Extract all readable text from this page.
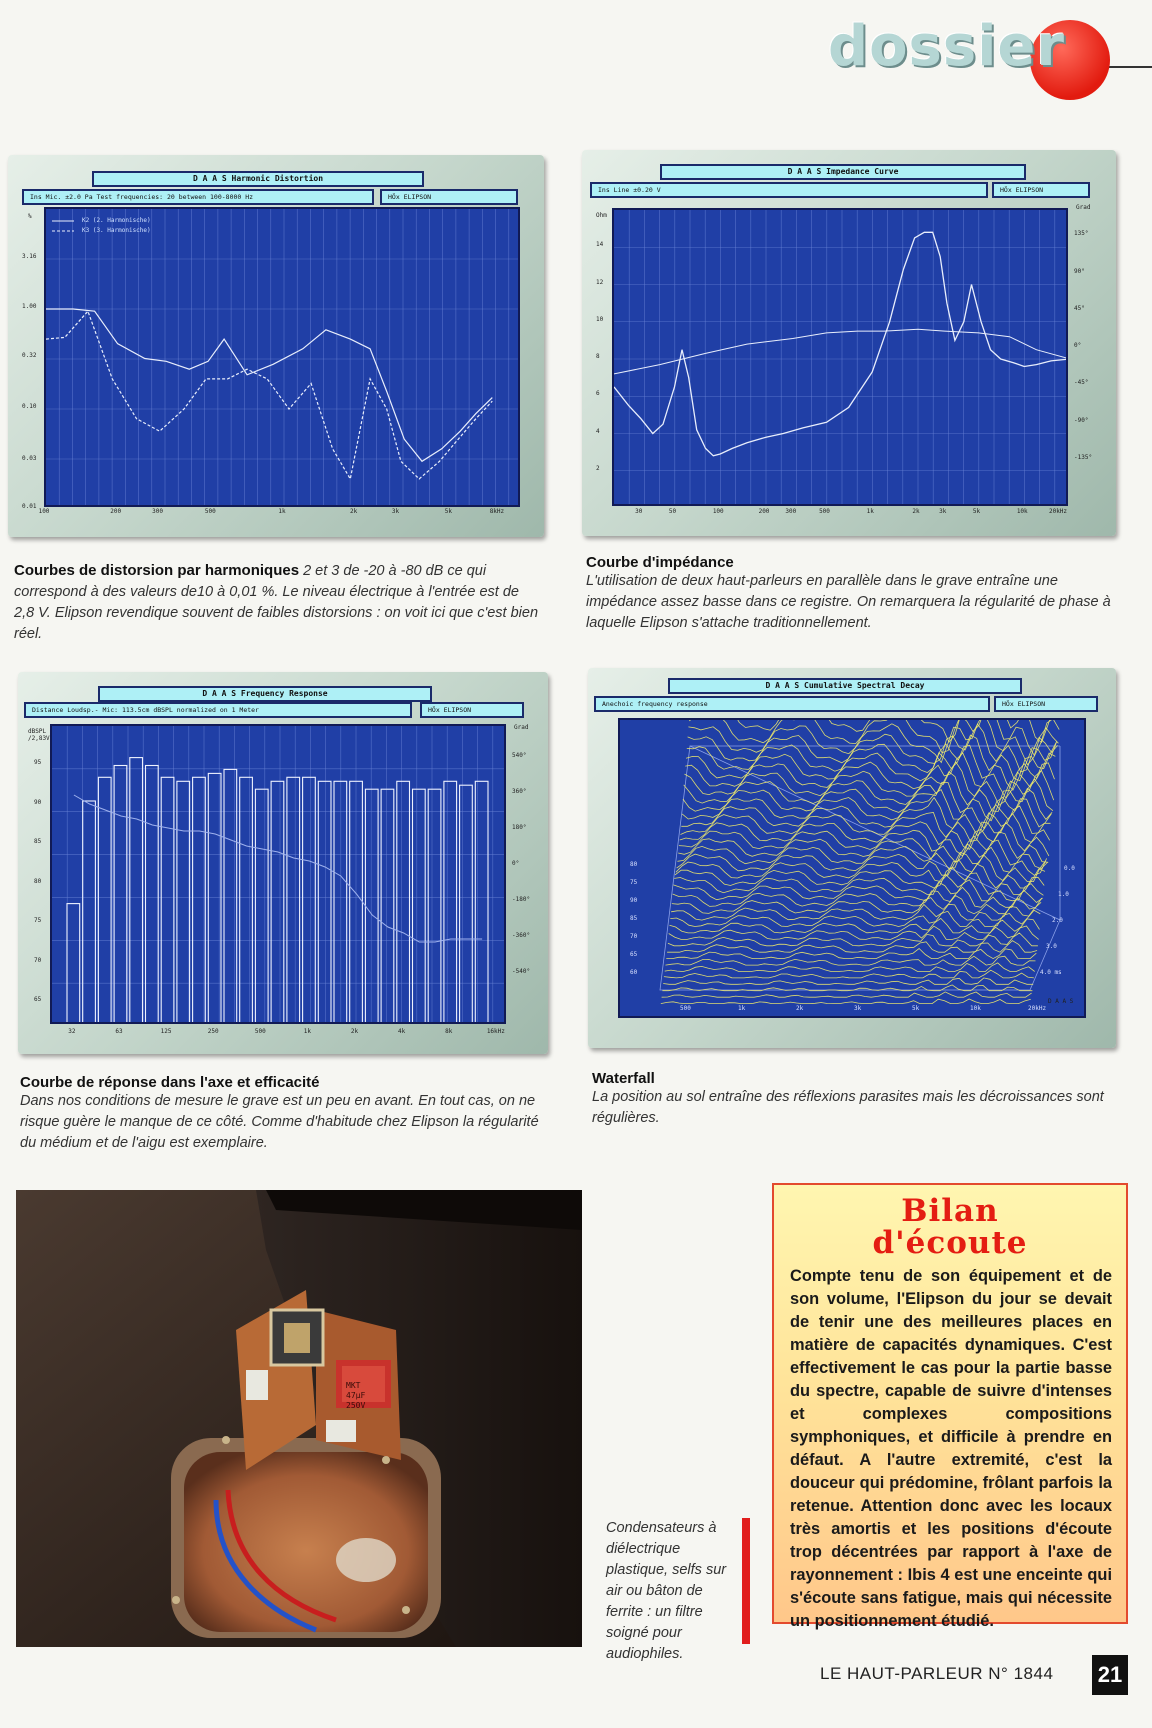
dossier
D A A S Harmonic Distortion
Ins Mic. ±2.0 Pa Test frequencies: 20 between 100-8000 Hz	HÖx ELIPSON
%
K2 (2. Harmonische)
K3 (3. Harmonische)
3.16
1.00
0.32
0.10
0.03
0.01
100	200	300	500	1k	2k	3k	5k	8kHz
D A A S Impedance Curve
Ins Line ±0.20 V	HÖx ELIPSON
Ohm
Grad
14
12
10
8
6
4
2
135°
90°
45°
0°
-45°
-90°
-135°
30	50	100	200	300	500	1k	2k	3k	5k	10k	20kHz

Courbes de distorsion par harmoniques 2 et 3 de -20 à -80 dB ce qui correspond à des valeurs de10 à 0,01 %. Le niveau électrique à l'entrée est de 2,8 V. Elipson revendique souvent de faibles distorsions : on voit ici que c'est bien réel.

Courbe d'impédance
L'utilisation de deux haut-parleurs en parallèle dans le grave entraîne une impédance assez basse dans ce registre. On remarquera la régularité de phase à laquelle Elipson s'attache traditionnellement.
D A A S Frequency Response
Distance Loudsp.- Mic: 113.5cm dBSPL normalized on 1 Meter	HÖx ELIPSON
dBSPL /2,83V
Grad
95
90
85
80
75
70
65
540°
360°
180°
0°
-180°
-360°
-540°
32	63	125	250	500	1k	2k	4k	8k	16kHz
D A A S Cumulative Spectral Decay
Anechoic frequency response	HÖx ELIPSON
500	1k	2k	3k	5k	10k	20kHz
80
75
90
85
70
65
60
0.0
1.0
2.0
3.0
4.0 ms
D A A S
Courbe de réponse dans l'axe et efficacité
Dans nos conditions de mesure le grave est un peu en avant. En tout cas, on ne risque guère le manque de ce côté. Comme d'habitude chez Elipson la régularité du médium et de l'aigu est exemplaire.
Waterfall
La position au sol entraîne des réflexions parasites mais les décroissances sont régulières.
MKT
47μF
250V
Condensateurs à diélectrique plastique, selfs sur air ou bâton de ferrite : un filtre soigné pour audiophiles.
Bilan
d'écoute
Compte tenu de son équipement et de son volume, l'Elipson du jour se devait de tenir une des meilleures places en matière de capacités dynamiques. C'est effectivement le cas pour la partie basse du spectre, capable de suivre d'intenses et complexes compositions symphoniques, et difficile à prendre en défaut. A l'autre extremité, c'est la douceur qui prédomine, frôlant parfois la retenue. Attention donc avec les locaux très amortis et les positions d'écoute trop décentrées par rapport à l'axe de rayonnement : Ibis 4 est une enceinte qui s'écoute sans fatigue, mais qui nécessite un positionnement étudié.
LE HAUT-PARLEUR N° 1844 21
